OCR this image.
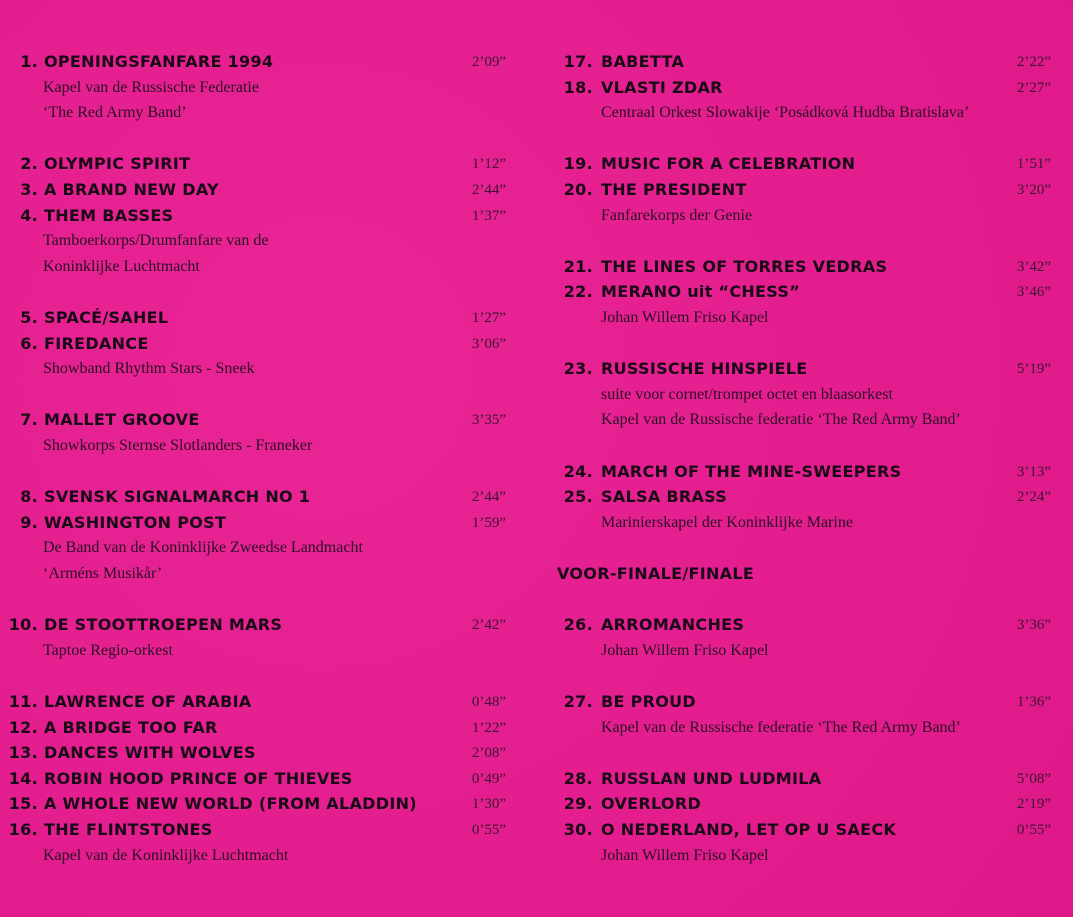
1. OPENINGSFANFARE 1994	2’09”
Kapel van de Russische Federatie
‘The Red Army Band’
2. OLYMPIC SPIRIT	1’12”
3. A BRAND NEW DAY	2’44”
4. THEM BASSES	1’37”
Tamboerkorps/Drumfanfare van de
Koninklijke Luchtmacht
5. SPACÉ/SAHEL	1’27”
6. FIREDANCE	3’06”
Showband Rhythm Stars - Sneek
7. MALLET GROOVE	3’35”
Showkorps Sternse Slotlanders - Franeker
8. SVENSK SIGNALMARCH NO 1	2’44”
9. WASHINGTON POST	1’59”
De Band van de Koninklijke Zweedse Landmacht
‘Arméns Musikår’
10. DE STOOTTROEPEN MARS	2’42”
Taptoe Regio-orkest
11. LAWRENCE OF ARABIA	0’48”
12. A BRIDGE TOO FAR	1’22”
13. DANCES WITH WOLVES	2’08”
14. ROBIN HOOD PRINCE OF THIEVES	0’49”
15. A WHOLE NEW WORLD (FROM ALADDIN)	1’30”
16. THE FLINTSTONES	0’55”
Kapel van de Koninklijke Luchtmacht
17. BABETTA	2’22”
18. VLASTI ZDAR	2’27”
Centraal Orkest Slowakije ‘Posádková Hudba Bratislava’
19. MUSIC FOR A CELEBRATION	1’51”
20. THE PRESIDENT	3’20”
Fanfarekorps der Genie
21. THE LINES OF TORRES VEDRAS	3’42”
22. MERANO uit “CHESS”	3’46”
Johan Willem Friso Kapel
23. RUSSISCHE HINSPIELE	5’19”
suite voor cornet/trompet octet en blaasorkest
Kapel van de Russische federatie ‘The Red Army Band’
24. MARCH OF THE MINE-SWEEPERS	3’13”
25. SALSA BRASS	2’24”
Marinierskapel der Koninklijke Marine
VOOR-FINALE/FINALE
26. ARROMANCHES	3’36”
Johan Willem Friso Kapel
27. BE PROUD	1’36”
Kapel van de Russische federatie ‘The Red Army Band’
28. RUSSLAN UND LUDMILA	5’08”
29. OVERLORD	2’19”
30. O NEDERLAND, LET OP U SAECK	0’55”
Johan Willem Friso Kapel
